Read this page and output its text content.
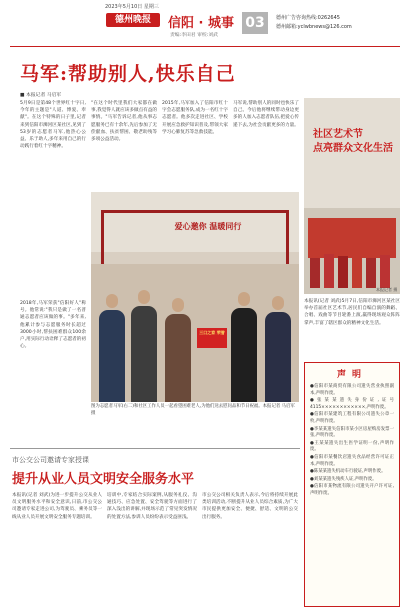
2023年5月10日 星期三
德州晚报	信阳 · 城事
责编:李田君 审校:刘武
03	德州广告咨询热线:0262645
德州邮箱:yclwbnews@126.com
马军:帮助别人,快乐自己
■ 本报记者 马启军
5月9日是第48个世界红十字日,今年的主题是"人道、博爱、奉献"。在这个特殊的日子里,记者来到信阳市浉河区某社区,见到了53岁的志愿者马军,他热心公益、乐于助人,多年来用自己的行动践行着红十字精神。
"在这个时代里我们大家都在做事,我觉得人就应该多做点有益的事情。"马军告诉记者,他从事志愿服务已有十余年,先后参加了无偿献血、扶贫帮困、敬老助残等多项公益活动。
2015年,马军加入了信阳市红十字会志愿服务队,成为一名红十字志愿者。他多次走进社区、学校开展应急救护知识普及,带领大家学习心肺复苏等急救技能。
马军说,帮助别人的同时也快乐了自己。今后他将继续带动身边更多的人加入志愿者队伍,把爱心传递下去,为社会贡献更多的力量。
2018年,马军荣获"信阳好人"称号。他常说:"我只是做了一名普通志愿者应该做的事。"多年来,他累计参与志愿服务时长超过3000小时,帮扶困难群众100余户,用实际行动诠释了志愿者的初心。
爱心邀你 温暖同行
三口之家 荣誉
图为志愿者马军(右二)和社区工作人员一起看望困难老人,为他们送去慰问品和节日祝福。本报记者 马启军 摄
社区艺术节
点亮群众文化生活
本报记者 摄
本报讯(记者 刘武)5月7日,信阳市浉河区某社区举办首届社区艺术节,居民们自编自演的舞蹈、合唱、戏曲等节目轮番上演,赢得现场观众阵阵掌声,丰富了辖区群众的精神文化生活。
声明
●信阳市某商贸有限公司遗失营业执照副本,声明作废。
●张某某遗失身份证,证号4115××××××××××××,声明作废。
●信阳市某建筑工程有限公司遗失公章一枚,声明作废。
●李某某遗失信阳市某小区房屋购房发票一张,声明作废。
●王某某遗失出生医学证明一份,声明作废。
●信阳市某餐饮店遗失食品经营许可证正本,声明作废。
●陈某某遗失机动车行驶证,声明作废。
●刘某某遗失残疾人证,声明作废。
●信阳市某物流有限公司遗失开户许可证,声明作废。
市公交公司邀请专家授课
提升从业人员文明安全服务水平
本报讯(记者 刘武)为进一步提升公交从业人员文明服务水平和安全意识,日前,市公交公司邀请专家走进公司,为驾驶员、乘务员等一线从业人员开展文明安全服务专题培训。
培训中,专家结合实际案例,从服务礼仪、沟通技巧、应急处置、安全驾驶等方面进行了深入浅出的讲解,并现场示范了常见突发情况的处置方法,参训人员纷纷表示受益匪浅。
市公交公司相关负责人表示,今后将持续开展此类培训活动,不断提升从业人员综合素质,为广大市民提供更加安全、便捷、舒适、文明的公交出行服务。
